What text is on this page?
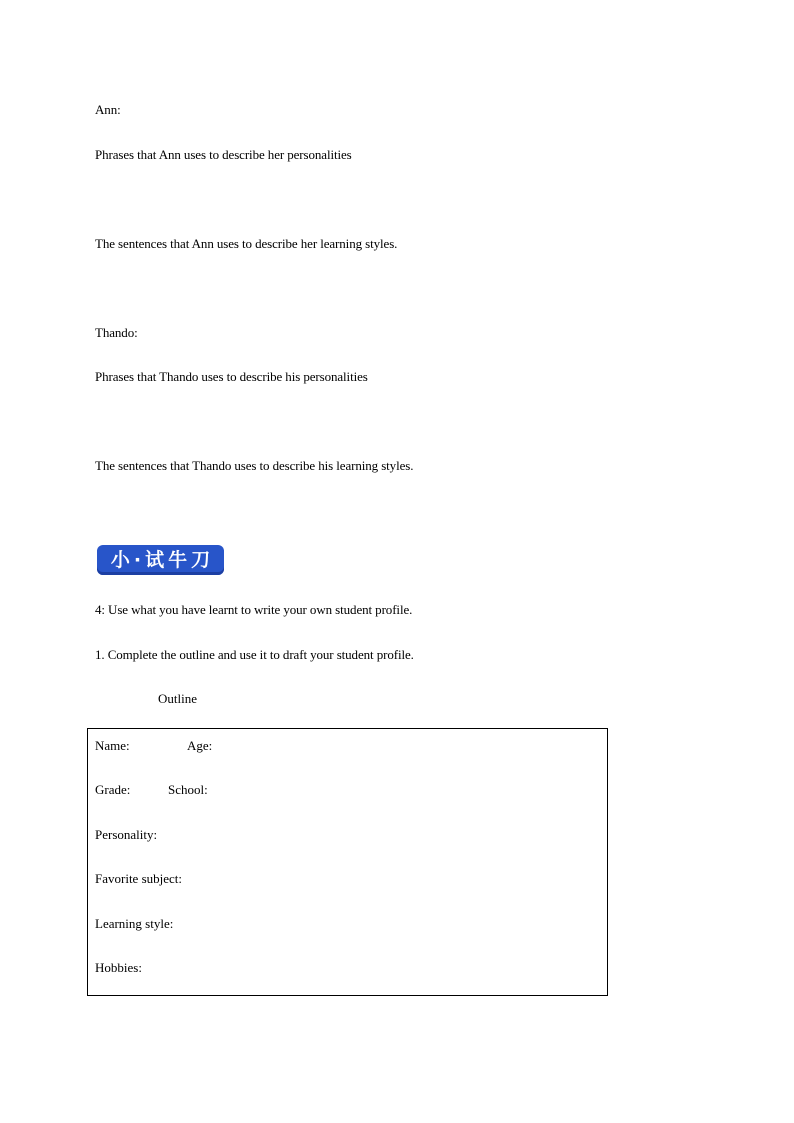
Ann:
Phrases that Ann uses to describe her personalities
The sentences that Ann uses to describe her learning styles.
Thando:
Phrases that Thando uses to describe his personalities
The sentences that Thando uses to describe his learning styles.
小·试牛刀
4: Use what you have learnt to write your own student profile.
1. Complete the outline and use it to draft your student profile.
Outline
Name:	Age:
Grade:	School:
Personality:
Favorite subject:
Learning style:
Hobbies:
